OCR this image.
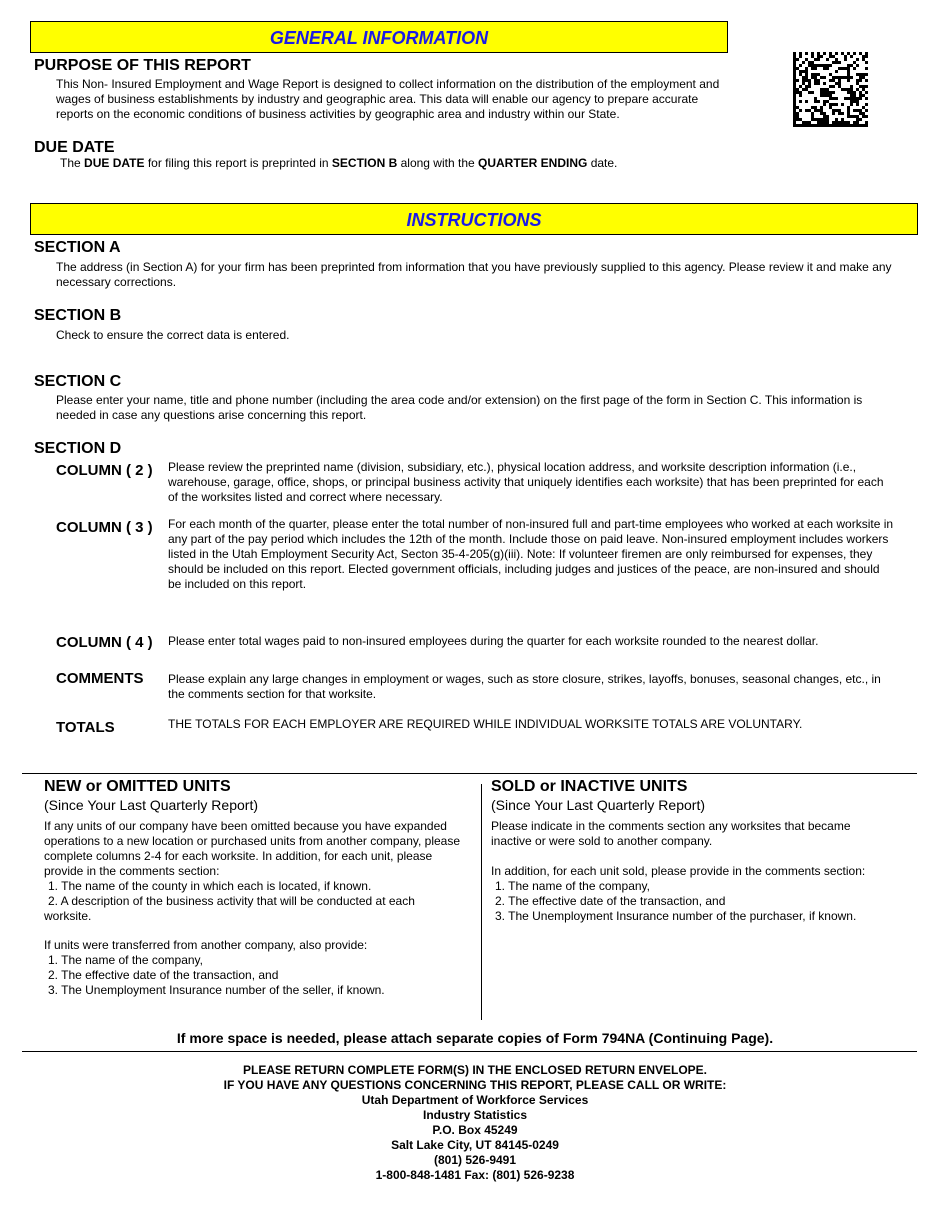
GENERAL INFORMATION
PURPOSE OF THIS REPORT
This Non- Insured Employment and Wage Report is designed to collect information on the distribution of the employment and wages of business establishments by industry and geographic area. This data will enable our agency to prepare accurate reports on the economic conditions of business activities by geographic area and industry within our State.
DUE DATE
The DUE DATE for filing this report is preprinted in SECTION B along with the QUARTER ENDING date.
INSTRUCTIONS
SECTION A
The address (in Section A) for your firm has been preprinted from information that you have previously supplied to this agency. Please review it and make any necessary corrections.
SECTION B
Check to ensure the correct data is entered.
SECTION C
Please enter your name, title and phone number (including the area code and/or extension) on the first page of the form in Section C. This information is needed in case any questions arise concerning this report.
SECTION D
COLUMN ( 2 ) Please review the preprinted name (division, subsidiary, etc.), physical location address, and worksite description information (i.e., warehouse, garage, office, shops, or principal business activity that uniquely identifies each worksite) that has been preprinted for each of the worksites listed and correct where necessary.
COLUMN ( 3 ) For each month of the quarter, please enter the total number of non-insured full and part-time employees who worked at each worksite in any part of the pay period which includes the 12th of the month. Include those on paid leave. Non-insured employment includes workers listed in the Utah Employment Security Act, Secton 35-4-205(g)(iii). Note: If volunteer firemen are only reimbursed for expenses, they should be included on this report. Elected government officials, including judges and justices of the peace, are non-insured and should be included on this report.
COLUMN ( 4 ) Please enter total wages paid to non-insured employees during the quarter for each worksite rounded to the nearest dollar.
COMMENTS Please explain any large changes in employment or wages, such as store closure, strikes, layoffs, bonuses, seasonal changes, etc., in the comments section for that worksite.
TOTALS	THE TOTALS FOR EACH EMPLOYER ARE REQUIRED WHILE INDIVIDUAL WORKSITE TOTALS ARE VOLUNTARY.
NEW or OMITTED UNITS
(Since Your Last Quarterly Report)
If any units of our company have been omitted because you have expanded operations to a new location or purchased units from another company, please complete columns 2-4 for each worksite. In addition, for each unit, please provide in the comments section:
1. The name of the county in which each is located, if known.
2. A description of the business activity that will be conducted at each worksite.
If units were transferred from another company, also provide:
1. The name of the company,
2. The effective date of the transaction, and
3. The Unemployment Insurance number of the seller, if known.
SOLD or INACTIVE UNITS
(Since Your Last Quarterly Report)
Please indicate in the comments section any worksites that became inactive or were sold to another company.
In addition, for each unit sold, please provide in the comments section:
1. The name of the company,
2. The effective date of the transaction, and
3. The Unemployment Insurance number of the purchaser, if known.
If more space is needed, please attach separate copies of Form 794NA (Continuing Page).
PLEASE RETURN COMPLETE FORM(S) IN THE ENCLOSED RETURN ENVELOPE.
IF YOU HAVE ANY QUESTIONS CONCERNING THIS REPORT, PLEASE CALL OR WRITE:
Utah Department of Workforce Services
Industry Statistics
P.O. Box 45249
Salt Lake City, UT 84145-0249
(801) 526-9491
1-800-848-1481 Fax: (801) 526-9238
